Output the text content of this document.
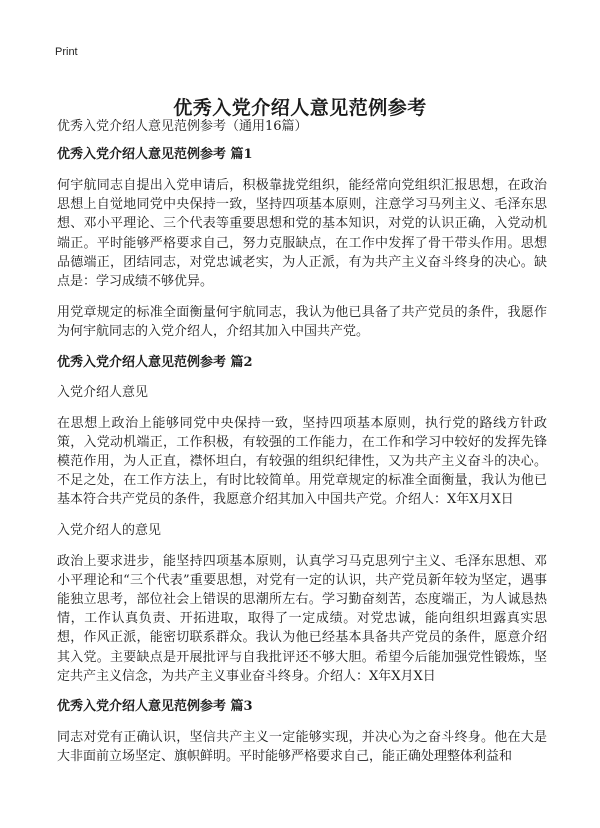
Print
优秀入党介绍人意见范例参考

优秀入党介绍人意见范例参考（通用16篇）

优秀入党介绍人意见范例参考 篇1

何宇航同志自提出入党申请后，积极靠拢党组织，能经常向党组织汇报思想，在政治思想上自觉地同党中央保持一致，坚持四项基本原则，注意学习马列主义、毛泽东思想、邓小平理论、三个代表等重要思想和党的基本知识，对党的认识正确，入党动机端正。平时能够严格要求自己，努力克服缺点，在工作中发挥了骨干带头作用。思想品德端正，团结同志，对党忠诚老实，为人正派，有为共产主义奋斗终身的决心。缺点是：学习成绩不够优异。

用党章规定的标准全面衡量何宇航同志，我认为他已具备了共产党员的条件，我愿作为何宇航同志的入党介绍人，介绍其加入中国共产党。

优秀入党介绍人意见范例参考 篇2

入党介绍人意见

在思想上政治上能够同党中央保持一致，坚持四项基本原则，执行党的路线方针政策，入党动机端正，工作积极，有较强的工作能力，在工作和学习中较好的发挥先锋模范作用，为人正直，襟怀坦白，有较强的组织纪律性，又为共产主义奋斗的决心。不足之处，在工作方法上，有时比较简单。用党章规定的标准全面衡量，我认为他已基本符合共产党员的条件，我愿意介绍其加入中国共产党。介绍人：X年X月X日

入党介绍人的意见

政治上要求进步，能坚持四项基本原则，认真学习马克思列宁主义、毛泽东思想、邓小平理论和“三个代表”重要思想，对党有一定的认识，共产党员新年较为坚定，遇事能独立思考，部位社会上错误的思潮所左右。学习勤奋刻苦，态度端正，为人诚恳热情，工作认真负责、开拓进取，取得了一定成绩。对党忠诚，能向组织坦露真实思想，作风正派，能密切联系群众。我认为他已经基本具备共产党员的条件，愿意介绍其入党。主要缺点是开展批评与自我批评还不够大胆。希望今后能加强党性锻炼，坚定共产主义信念，为共产主义事业奋斗终身。介绍人：X年X月X日

优秀入党介绍人意见范例参考 篇3

同志对党有正确认识，坚信共产主义一定能够实现，并决心为之奋斗终身。他在大是大非面前立场坚定、旗帜鲜明。平时能够严格要求自己，能正确处理整体利益和
